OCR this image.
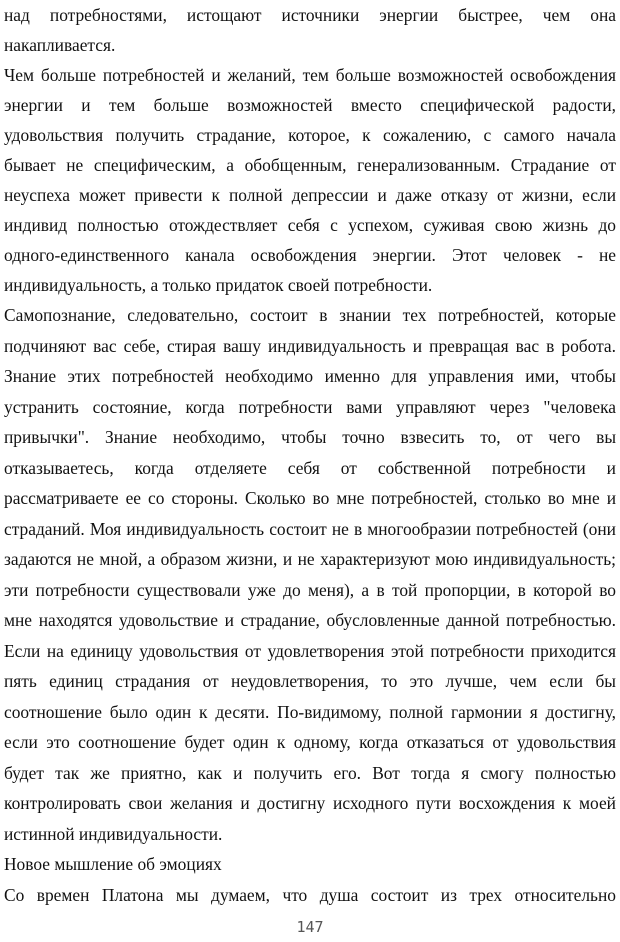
над потребностями, истощают источники энергии быстрее, чем она
накапливается.
Чем больше потребностей и желаний, тем больше возможностей освобождения
энергии и тем больше возможностей вместо специфической радости,
удовольствия получить страдание, которое, к сожалению, с самого начала
бывает не специфическим, а обобщенным, генерализованным. Страдание от
неуспеха может привести к полной депрессии и даже отказу от жизни, если
индивид полностью отождествляет себя с успехом, суживая свою жизнь до
одного-единственного канала освобождения энергии. Этот человек - не
индивидуальность, а только придаток своей потребности.
Самопознание, следовательно, состоит в знании тех потребностей, которые
подчиняют вас себе, стирая вашу индивидуальность и превращая вас в робота.
Знание этих потребностей необходимо именно для управления ими, чтобы
устранить состояние, когда потребности вами управляют через "человека
привычки". Знание необходимо, чтобы точно взвесить то, от чего вы
отказываетесь, когда отделяете себя от собственной потребности и
рассматриваете ее со стороны. Сколько во мне потребностей, столько во мне и
страданий. Моя индивидуальность состоит не в многообразии потребностей (они
задаются не мной, а образом жизни, и не характеризуют мою индивидуальность;
эти потребности существовали уже до меня), а в той пропорции, в которой во
мне находятся удовольствие и страдание, обусловленные данной потребностью.
Если на единицу удовольствия от удовлетворения этой потребности приходится
пять единиц страдания от неудовлетворения, то это лучше, чем если бы
соотношение было один к десяти. По-видимому, полной гармонии я достигну,
если это соотношение будет один к одному, когда отказаться от удовольствия
будет так же приятно, как и получить его. Вот тогда я смогу полностью
контролировать свои желания и достигну исходного пути восхождения к моей
истинной индивидуальности.
Новое мышление об эмоциях
Со времен Платона мы думаем, что душа состоит из трех относительно
147
